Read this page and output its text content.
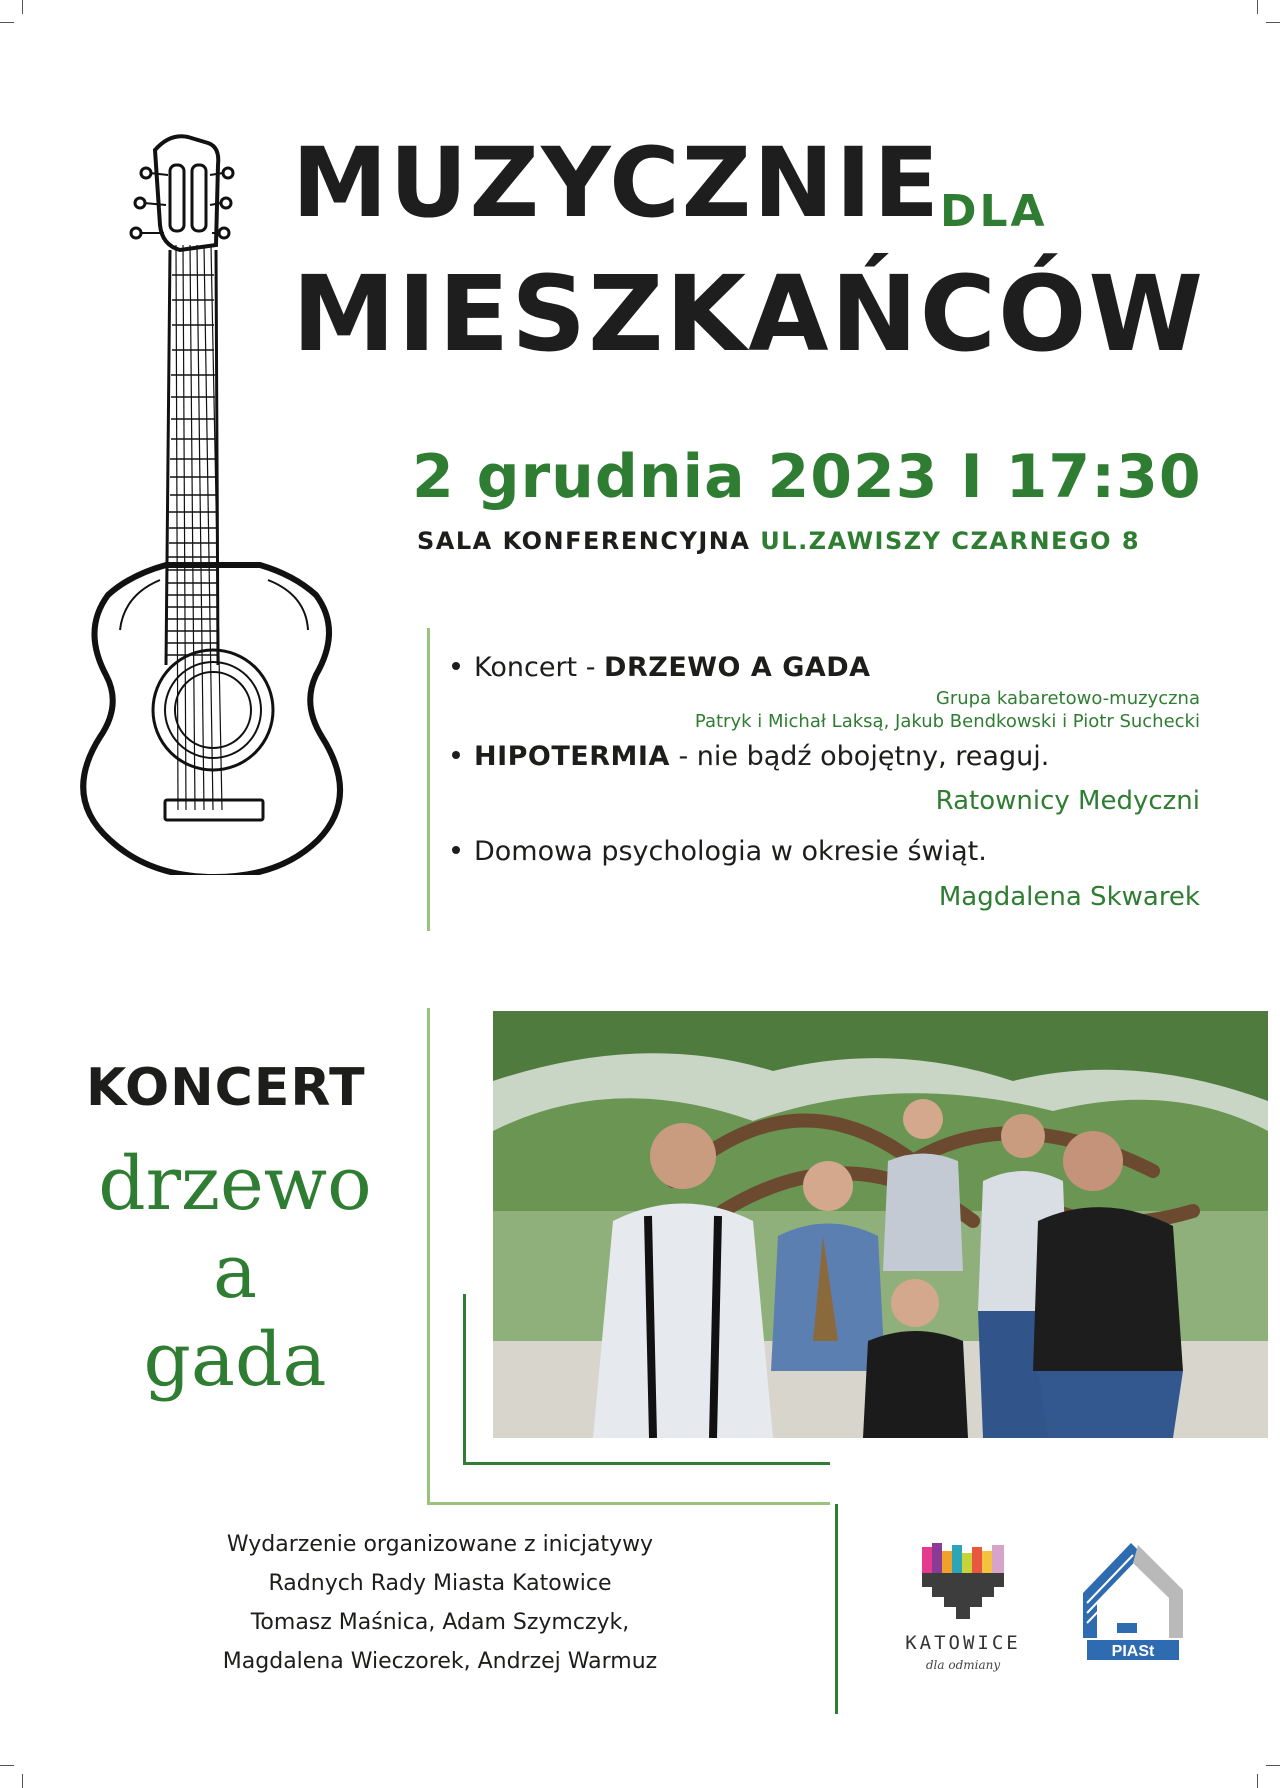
MUZYCZNIE DLA
MIESZKAŃCÓW
2 grudnia 2023 I 17:30
SALA KONFERENCYJNA UL.ZAWISZY CZARNEGO 8
Koncert - DRZEWO A GADA
Grupa kabaretowo-muzyczna
Patryk i Michał Laksą, Jakub Bendkowski i Piotr Suchecki
HIPOTERMIA - nie bądź obojętny, reaguj.
Ratownicy Medyczni
Domowa psychologia w okresie świąt.
Magdalena Skwarek
KONCERT
drzewo
a
gada
Wydarzenie organizowane z inicjatywy
Radnych Rady Miasta Katowice
Tomasz Maśnica, Adam Szymczyk,
Magdalena Wieczorek, Andrzej Warmuz
KATOWICE
dla odmiany
PIASt
